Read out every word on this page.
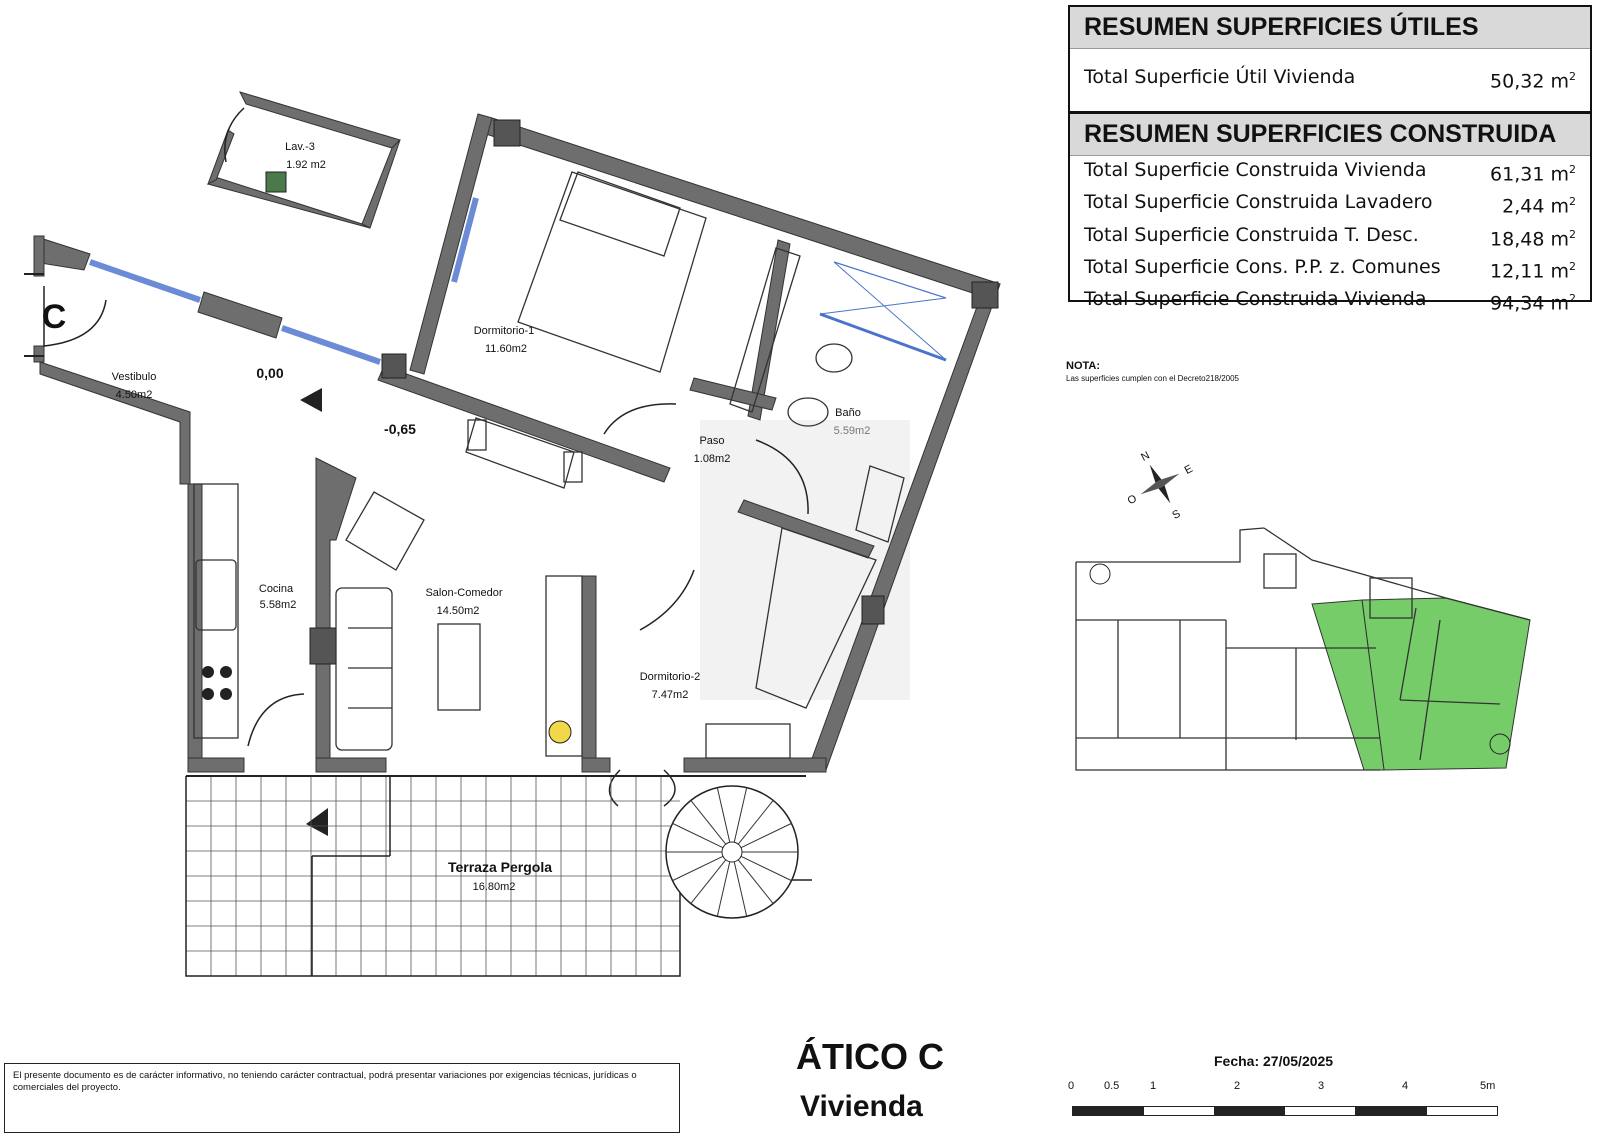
Lav.-3
1.92 m2
Dormitorio-1
11.60m2
Vestibulo
4.50m2
0,00
-0,65
Paso
1.08m2
Baño
5.59m2
Cocina
5.58m2
Salon-Comedor
14.50m2
Dormitorio-2
7.47m2
Terraza Pergola
16.80m2
C
N
S
E
O
RESUMEN SUPERFICIES ÚTILES
Total Superficie Útil Vivienda	50,32 $m^2$
RESUMEN SUPERFICIES CONSTRUIDA
Total Superficie Construida Vivienda	61,31 $m^2$
Total Superficie Construida Lavadero	2,44 $m^2$
Total Superficie Construida T. Desc.	18,48 $m^2$
Total Superficie Cons. P.P. z. Comunes	12,11 $m^2$
Total Superficie Construida Vivienda	94,34 $m^2$
NOTA:
Las superficies cumplen con el Decreto218/2005
El presente documento es de carácter informativo, no teniendo carácter contractual, podrá presentar variaciones por exigencias técnicas, jurídicas o comerciales del proyecto.
ÁTICO C
Vivienda
Fecha: 27/05/2025
0	0.5	1	2	3	4	5m
